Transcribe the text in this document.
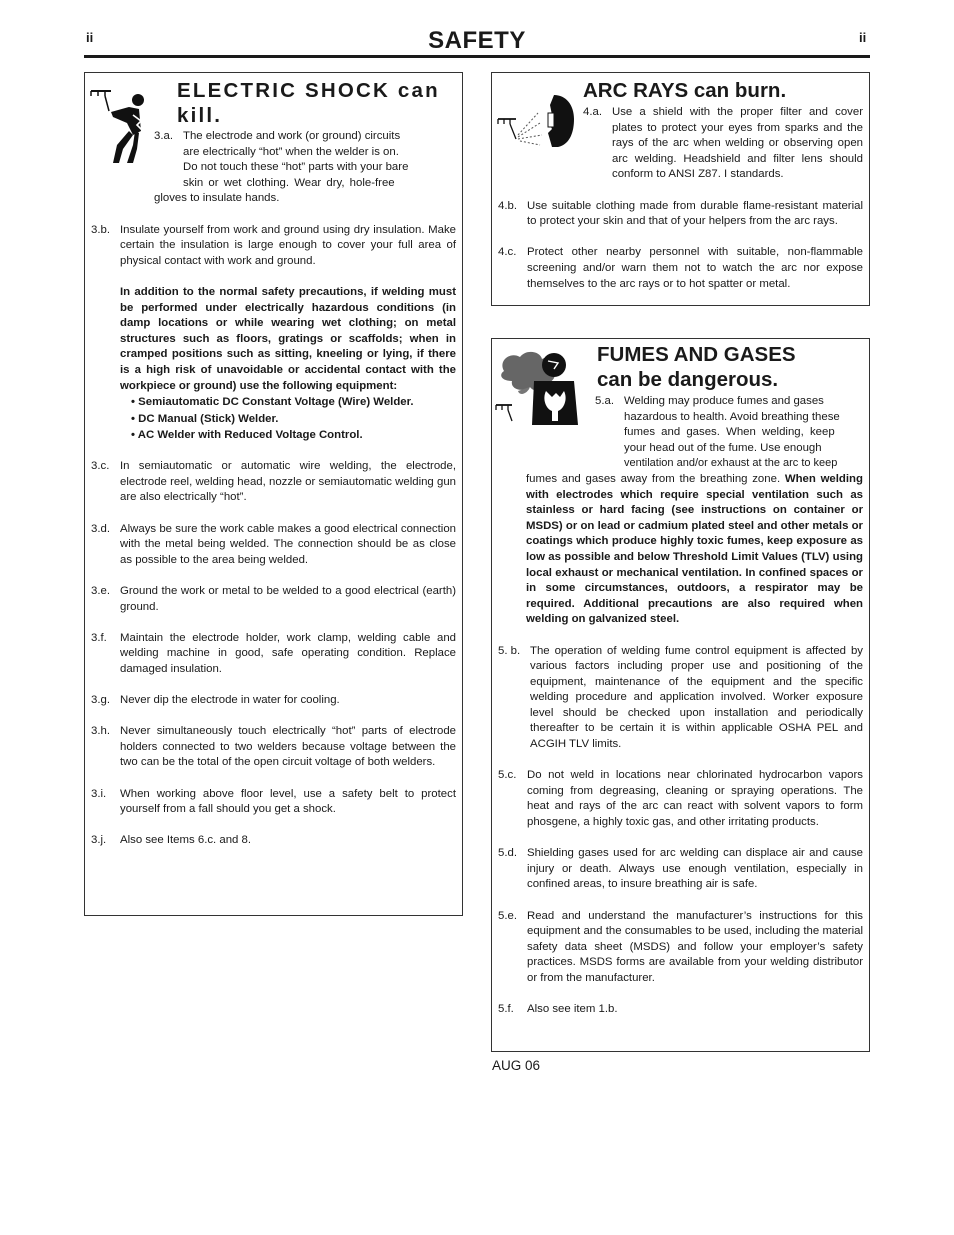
ii	SAFETY	ii
ELECTRIC SHOCK can
kill.
3.a. The electrode and work (or ground) circuits
are electrically “hot” when the welder is on.
Do not touch these “hot” parts with your bare
skin or wet clothing. Wear dry, hole-free
gloves to insulate hands.
3.b. Insulate yourself from work and ground using dry insulation. Make certain the insulation is large enough to cover your full area of physical contact with work and ground.
In addition to the normal safety precautions, if welding must be performed under electrically hazardous conditions (in damp locations or while wearing wet clothing; on metal structures such as floors, gratings or scaffolds; when in cramped positions such as sitting, kneeling or lying, if there is a high risk of unavoidable or accidental contact with the workpiece or ground) use the following equipment:
• Semiautomatic DC Constant Voltage (Wire) Welder.
• DC Manual (Stick) Welder.
• AC Welder with Reduced Voltage Control.
3.c. In semiautomatic or automatic wire welding, the electrode, electrode reel, welding head, nozzle or semiautomatic welding gun are also electrically “hot”.
3.d. Always be sure the work cable makes a good electrical connection with the metal being welded. The connection should be as close as possible to the area being welded.
3.e. Ground the work or metal to be welded to a good electrical (earth) ground.
3.f. Maintain the electrode holder, work clamp, welding cable and welding machine in good, safe operating condition. Replace damaged insulation.
3.g. Never dip the electrode in water for cooling.
3.h. Never simultaneously touch electrically “hot” parts of electrode holders connected to two welders because voltage between the two can be the total of the open circuit voltage of both welders.
3.i. When working above floor level, use a safety belt to protect yourself from a fall should you get a shock.
3.j. Also see Items 6.c. and 8.
ARC RAYS can burn.
4.a. Use a shield with the proper filter and cover plates to protect your eyes from sparks and the rays of the arc when welding or observing open arc welding. Headshield and filter lens should conform to ANSI Z87. I standards.
4.b. Use suitable clothing made from durable flame-resistant material to protect your skin and that of your helpers from the arc rays.
4.c. Protect other nearby personnel with suitable, non-flammable screening and/or warn them not to watch the arc nor expose themselves to the arc rays or to hot spatter or metal.
FUMES AND GASES
can be dangerous.
5.a. Welding may produce fumes and gases
hazardous to health. Avoid breathing these
fumes and gases. When welding, keep
your head out of the fume. Use enough
ventilation and/or exhaust at the arc to keep
fumes and gases away from the breathing zone. When welding with electrodes which require special ventilation such as stainless or hard facing (see instructions on container or MSDS) or on lead or cadmium plated steel and other metals or coatings which produce highly toxic fumes, keep exposure as low as possible and below Threshold Limit Values (TLV) using local exhaust or mechanical ventilation. In confined spaces or in some circumstances, outdoors, a respirator may be required. Additional precautions are also required when welding on galvanized steel.
5. b. The operation of welding fume control equipment is affected by various factors including proper use and positioning of the equipment, maintenance of the equipment and the specific welding procedure and application involved. Worker exposure level should be checked upon installation and periodically thereafter to be certain it is within applicable OSHA PEL and ACGIH TLV limits.
5.c. Do not weld in locations near chlorinated hydrocarbon vapors coming from degreasing, cleaning or spraying operations. The heat and rays of the arc can react with solvent vapors to form phosgene, a highly toxic gas, and other irritating products.
5.d. Shielding gases used for arc welding can displace air and cause injury or death. Always use enough ventilation, especially in confined areas, to insure breathing air is safe.
5.e. Read and understand the manufacturer’s instructions for this equipment and the consumables to be used, including the material safety data sheet (MSDS) and follow your employer’s safety practices. MSDS forms are available from your welding distributor or from the manufacturer.
5.f. Also see item 1.b.
AUG 06
